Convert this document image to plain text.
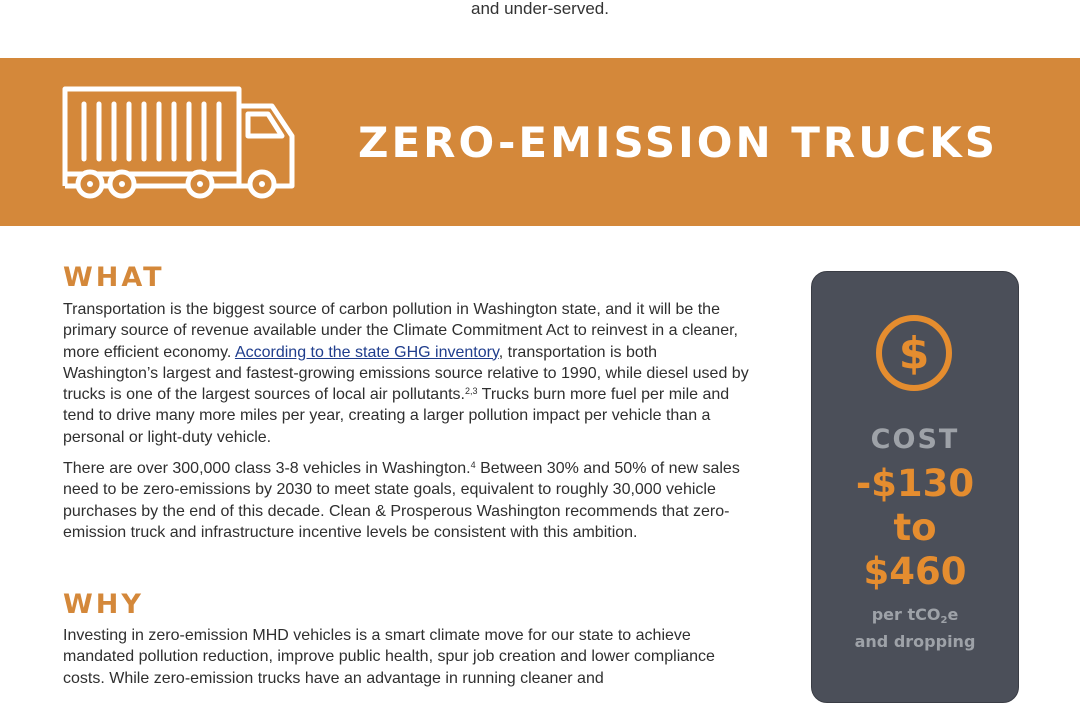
and under-served.
ZERO-EMISSION TRUCKS
WHAT

Transportation is the biggest source of carbon pollution in Washington state, and it will be the primary source of revenue available under the Climate Commitment Act to reinvest in a cleaner, more efficient economy. According to the state GHG inventory, transportation is both Washington’s largest and fastest-growing emissions source relative to 1990, while diesel used by trucks is one of the largest sources of local air pollutants.$^{2,3}$ Trucks burn more fuel per mile and tend to drive many more miles per year, creating a larger pollution impact per vehicle than a personal or light-duty vehicle.

There are over 300,000 class 3-8 vehicles in Washington.$^4$ Between 30% and 50% of new sales need to be zero-emissions by 2030 to meet state goals, equivalent to roughly 30,000 vehicle purchases by the end of this decade. Clean & Prosperous Washington recommends that zero-emission truck and infrastructure incentive levels be consistent with this ambition.

WHY

Investing in zero-emission MHD vehicles is a smart climate move for our state to achieve mandated pollution reduction, improve public health, spur job creation and lower compliance costs. While zero-emission trucks have an advantage in running cleaner and

$
COST
-$130
to
$460
per tCO$_2$e
and dropping
